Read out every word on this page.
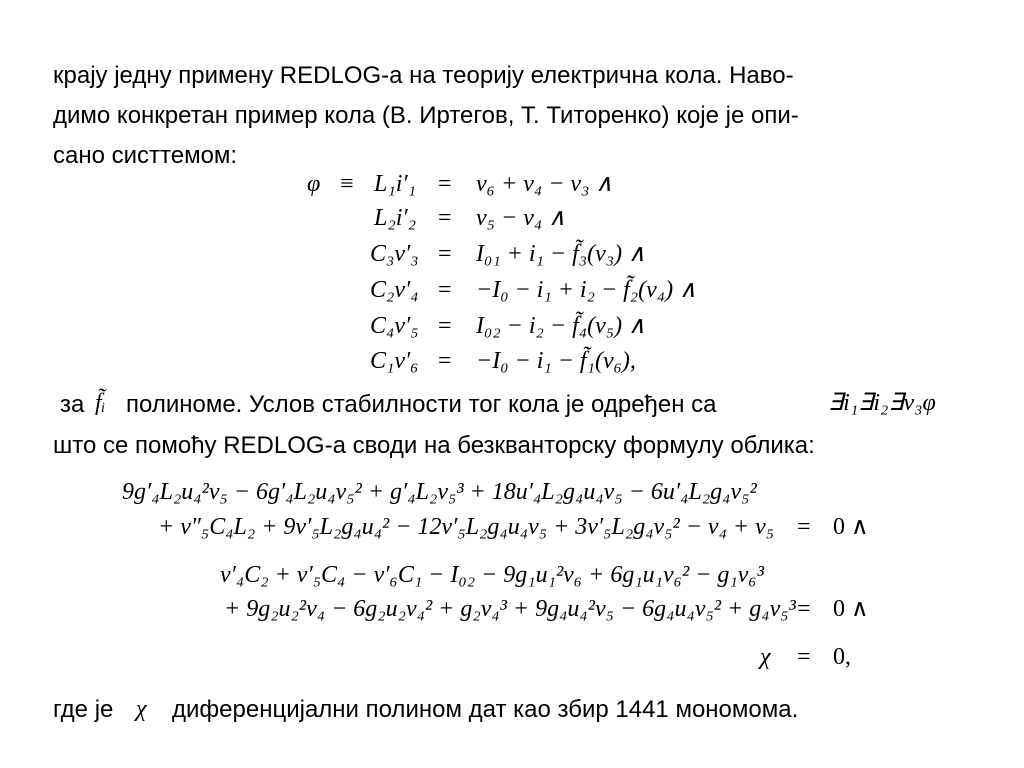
крају једну примену REDLOG-а на теорију електрична кола. Наво-
димо конкретан пример кола (В. Иртегов, Т. Титоренко) које је опи-
сано систтемом:
φ ≡ L₁i′₁ = v₆ + v₄ − v₃ ∧
L₂i′₂ = v₅ − v₄ ∧
C₃v′₃ = I₀₁ + i₁ − f̃₃(v₃) ∧
C₂v′₄ = −I₀ − i₁ + i₂ − f̃₂(v₄) ∧
C₄v′₅ = I₀₂ − i₂ − f̃₄(v₅) ∧
C₁v′₆ = −I₀ − i₁ − f̃₁(v₆),
за f̃ᵢ полиноме. Услов стабилности тог кола је одређен са	∃i₁∃i₂∃v₃φ
што се помоћу REDLOG-а своди на безкванторску формулу облика:
9g′₄L₂u₄²v₅ − 6g′₄L₂u₄v₅² + g′₄L₂v₅³ + 18u′₄L₂g₄u₄v₅ − 6u′₄L₂g₄v₅²
+ v″₅C₄L₂ + 9v′₅L₂g₄u₄² − 12v′₅L₂g₄u₄v₅ + 3v′₅L₂g₄v₅² − v₄ + v₅ = 0 ∧
v′₄C₂ + v′₅C₄ − v′₆C₁ − I₀₂ − 9g₁u₁²v₆ + 6g₁u₁v₆² − g₁v₆³
+ 9g₂u₂²v₄ − 6g₂u₂v₄² + g₂v₄³ + 9g₄u₄²v₅ − 6g₄u₄v₅² + g₄v₅³ = 0 ∧
χ = 0,
где је χ диференцијални полином дат као збир 1441 мономома.
